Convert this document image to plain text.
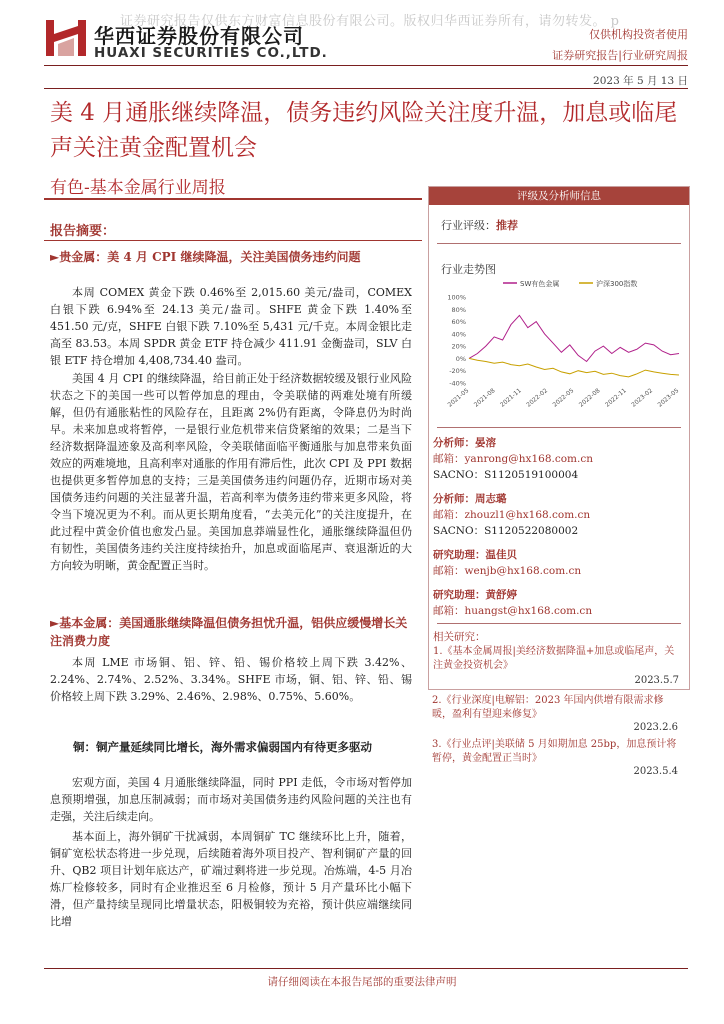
证券研究报告仅供东方财富信息股份有限公司。版权归华西证券所有，请勿转发。 p
华西证券股份有限公司
HUAXI SECURITIES CO.,LTD.
仅供机构投资者使用
证券研究报告|行业研究周报
2023 年 5 月 13 日
美 4 月通胀继续降温，债务违约风险关注度升温，加息或临尾声关注黄金配置机会
有色-基本金属行业周报	评级及分析师信息
行业评级：推荐
行业走势图
SW有色金属	沪深300指数
100%
80%
60%
40%
20%
0%
-20%
-40%
2021-05 2021-08 2021-11 2022-02 2022-05 2022-08 2022-11 2023-02 2023-05
分析师：晏溶
邮箱：yanrong@hx168.com.cn
SACNO：S1120519100004
分析师：周志璐
邮箱：zhouzl1@hx168.com.cn
SACNO：S1120522080002
研究助理：温佳贝
邮箱：wenjb@hx168.com.cn
研究助理：黄舒婷
邮箱：huangst@hx168.com.cn
相关研究：
1.《基本金属周报|美经济数据降温+加息或临尾声，关注黄金投资机会》
2023.5.7
2.《行业深度|电解铝：2023 年国内供增有限需求修暖，盈利有望迎来修复》
2023.2.6
3.《行业点评|美联储 5 月如期加息 25bp，加息预计将暂停，黄金配置正当时》
2023.5.4
报告摘要：
►贵金属：美 4 月 CPI 继续降温，关注美国债务违约问题
本周 COMEX 黄金下跌 0.46%至 2,015.60 美元/盎司，COMEX 白银下跌 6.94%至 24.13 美元/盎司。SHFE 黄金下跌 1.40%至 451.50 元/克，SHFE 白银下跌 7.10%至 5,431 元/千克。本周金银比走高至 83.53。本周 SPDR 黄金 ETF 持仓减少 411.91 金衡盎司，SLV 白银 ETF 持仓增加 4,408,734.40 盎司。
美国 4 月 CPI 的继续降温，给目前正处于经济数据较缓及银行业风险状态之下的美国一些可以暂停加息的理由，令美联储的两难处境有所缓解，但仍有通胀粘性的风险存在，且距离 2%仍有距离，令降息仍为时尚早。未来加息或将暂停，一是银行业危机带来信贷紧缩的效果；二是当下经济数据降温迹象及高利率风险，令美联储面临平衡通胀与加息带来负面效应的两难境地，且高利率对通胀的作用有滞后性，此次 CPI 及 PPI 数据也提供更多暂停加息的支持；三是美国债务违约问题仍存，近期市场对美国债务违约问题的关注显著升温，若高利率为债务违约带来更多风险，将令当下境况更为不利。而从更长期角度看，“去美元化”的关注度提升，在此过程中黄金价值也愈发凸显。美国加息莽端显性化，通胀继续降温但仍有韧性，美国债务违约关注度持续抬升，加息或面临尾声、衰退渐近的大方向较为明晰，黄金配置正当时。
►基本金属：美国通胀继续降温但债务担忧升温，铝供应缓慢增长关注消费力度
本周 LME 市场铜、铝、锌、铅、锡价格较上周下跌 3.42%、2.24%、2.74%、2.52%、3.34%。SHFE 市场，铜、铝、锌、铅、锡价格较上周下跌 3.29%、2.46%、2.98%、0.75%、5.60%。
铜：铜产量延续同比增长，海外需求偏弱国内有待更多驱动
宏观方面，美国 4 月通胀继续降温，同时 PPI 走低，令市场对暂停加息预期增强，加息压制减弱；而市场对美国债务违约风险问题的关注也有走强，关注后续走向。
基本面上，海外铜矿干扰减弱，本周铜矿 TC 继续环比上升，随着，铜矿宽松状态将进一步兑现，后续随着海外项目投产、智利铜矿产量的回升、QB2 项目计划年底达产，矿端过剩将进一步兑现。冶炼端，4-5 月冶炼厂检修较多，同时有企业推迟至 6 月检修，预计 5 月产量环比小幅下滑，但产量持续呈现同比增量状态，阳极铜较为充裕，预计供应端继续同比增
请仔细阅读在本报告尾部的重要法律声明
